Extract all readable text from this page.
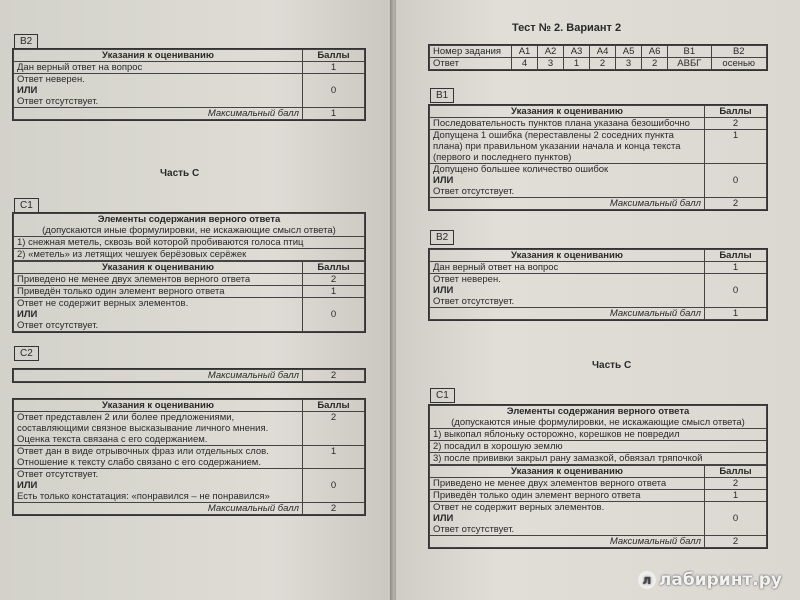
B2
Указания к оцениванию	Баллы
Дан верный ответ на вопрос	1

Ответ неверен.
ИЛИ
Ответ отсутствует.	0
Максимальный балл	1
Часть С
C1
Элементы содержания верного ответа
(допускаются иные формулировки, не искажающие смысл ответа)
1) снежная метель, сквозь вой которой пробиваются голоса птиц
2) «метель» из летящих чешуек берёзовых серёжек
Указания к оцениванию	Баллы
Приведено не менее двух элементов верного ответа	2
Приведён только один элемент верного ответа	1

Ответ не содержит верных элементов.
ИЛИ
Ответ отсутствует.	0
C2
Максимальный балл	2
Указания к оцениванию	Баллы
Ответ представлен 2 или более предложениями, составляющими связное высказывание личного мнения. Оценка текста связана с его содержанием.	2
Ответ дан в виде отрывочных фраз или отдельных слов. Отношение к тексту слабо связано с его содержанием.	1

Ответ отсутствует.
ИЛИ
Есть только констатация: «понравился – не понравился»	0
Максимальный балл	2
Тест № 2. Вариант 2
Номер задания	A1	A2	A3	A4	A5	A6	B1	B2
Ответ	4	3	1	2	3	2	АВБГ	осенью
B1
Указания к оцениванию	Баллы
Последовательность пунктов плана указана безошибочно	2
Допущена 1 ошибка (переставлены 2 соседних пункта плана) при правильном указании начала и конца текста (первого и последнего пунктов)	1

Допущено большее количество ошибок
ИЛИ
Ответ отсутствует.	0
Максимальный балл	2
B2
Указания к оцениванию	Баллы
Дан верный ответ на вопрос	1

Ответ неверен.
ИЛИ
Ответ отсутствует.	0
Максимальный балл	1
Часть С
C1
Элементы содержания верного ответа
(допускаются иные формулировки, не искажающие смысл ответа)
1) выкопал яблоньку осторожно, корешков не повредил
2) посадил в хорошую землю
3) после прививки закрыл рану замазкой, обвязал тряпочкой
Указания к оцениванию	Баллы
Приведено не менее двух элементов верного ответа	2
Приведён только один элемент верного ответа	1

Ответ не содержит верных элементов.
ИЛИ
Ответ отсутствует.	0
Максимальный балл	2
л лабиринт.ру
